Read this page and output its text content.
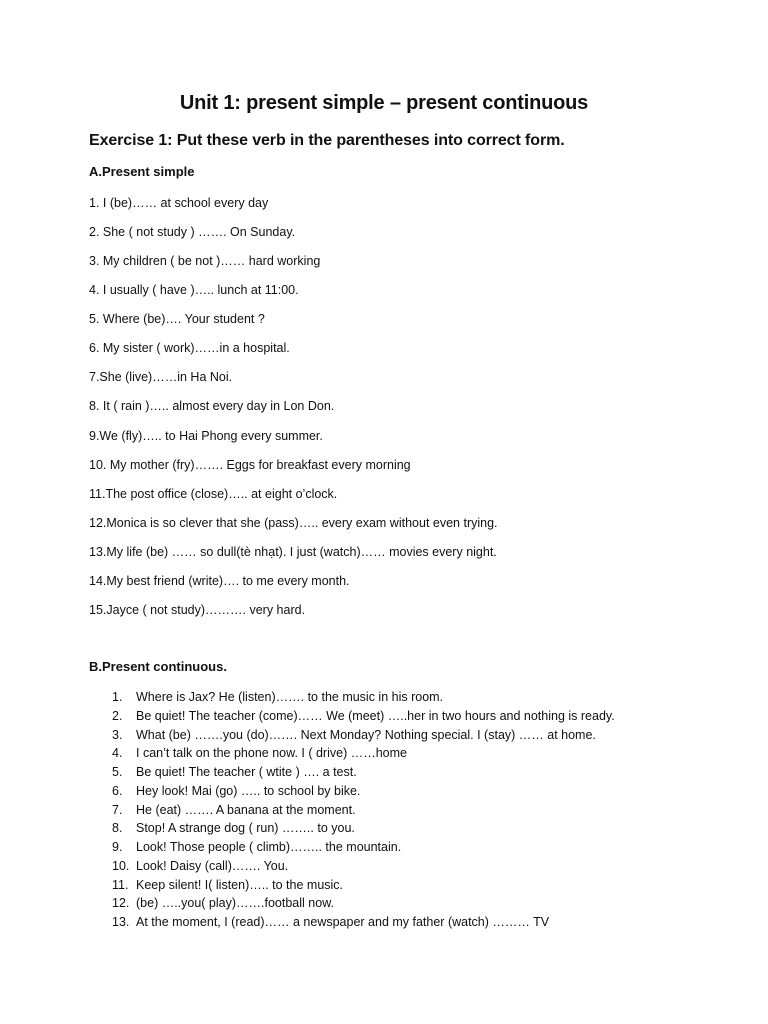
Unit 1: present simple – present continuous
Exercise 1: Put these verb in the parentheses into correct form.
A.Present simple
1. I (be)…… at school every day
2. She ( not study ) ……. On Sunday.
3. My children ( be not )…… hard working
4. I usually ( have )….. lunch at 11:00.
5. Where (be)…. Your student ?
6. My sister ( work)……in a hospital.
7.She (live)……in Ha Noi.
8. It ( rain )….. almost every day in Lon Don.
9.We (fly)….. to Hai Phong every summer.
10. My mother (fry)……. Eggs for breakfast every morning
11.The post office (close)….. at eight o’clock.
12.Monica is so clever that she (pass)….. every exam without even trying.
13.My life (be) …… so dull(tè nhạt). I just (watch)…… movies every night.
14.My best friend (write)…. to me every month.
15.Jayce ( not study)………. very hard.
B.Present continuous.
1. Where is Jax? He (listen)……. to the music in his room.
2. Be quiet! The teacher (come)…… We (meet) …..her in two hours and nothing is ready.
3. What (be) …….you (do)……. Next Monday? Nothing special. I (stay) …… at home.
4. I can’t talk on the phone now. I ( drive) ……home
5. Be quiet! The teacher ( wtite ) …. a test.
6. Hey look! Mai (go) ….. to school by bike.
7. He (eat) ……. A banana at the moment.
8. Stop! A strange dog ( run) …….. to you.
9. Look! Those people ( climb)…….. the mountain.
10. Look! Daisy (call)……. You.
11. Keep silent! I( listen)….. to the music.
12. (be) …..you( play)…….football now.
13. At the moment, I (read)…… a newspaper and my father (watch) ……… TV
